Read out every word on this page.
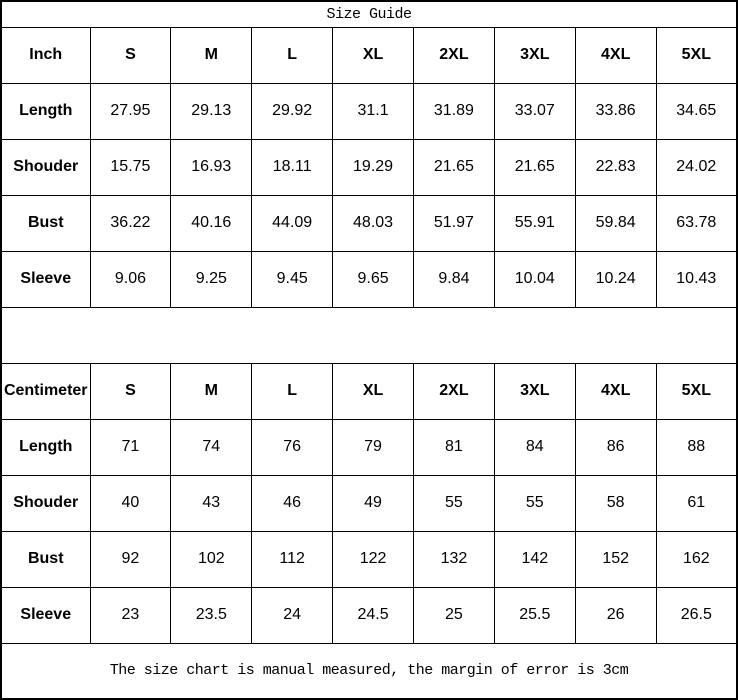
Size Guide								
Inch	S	M	L	XL	2XL	3XL	4XL	5XL
Length	27.95	29.13	29.92	31.1	31.89	33.07	33.86	34.65
Shouder	15.75	16.93	18.11	19.29	21.65	21.65	22.83	24.02
Bust	36.22	40.16	44.09	48.03	51.97	55.91	59.84	63.78
Sleeve	9.06	9.25	9.45	9.65	9.84	10.04	10.24	10.43

Centimeter	S	M	L	XL	2XL	3XL	4XL	5XL
Length	71	74	76	79	81	84	86	88
Shouder	40	43	46	49	55	55	58	61
Bust	92	102	112	122	132	142	152	162
Sleeve	23	23.5	24	24.5	25	25.5	26	26.5
The size chart is manual measured, the margin of error is 3cm								
